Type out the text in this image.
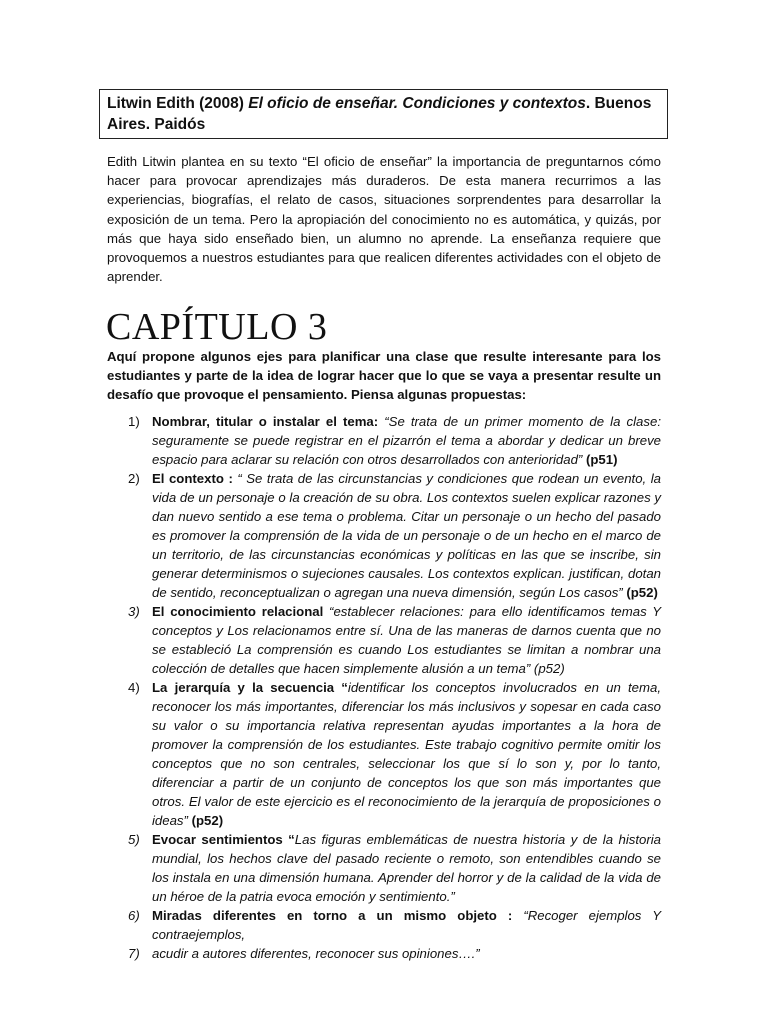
Litwin Edith (2008) El oficio de enseñar. Condiciones y contextos. Buenos Aires. Paidós

Edith Litwin plantea en su texto “El oficio de enseñar” la importancia de preguntarnos cómo hacer para provocar aprendizajes más duraderos. De esta manera recurrimos a las experiencias, biografías, el relato de casos, situaciones sorprendentes para desarrollar la exposición de un tema. Pero la apropiación del conocimiento no es automática, y quizás, por más que haya sido enseñado bien, un alumno no aprende. La enseñanza requiere que provoquemos a nuestros estudiantes para que realicen diferentes actividades con el objeto de aprender.

CAPÍTULO 3

Aquí propone algunos ejes para planificar una clase que resulte interesante para los estudiantes y parte de la idea de lograr hacer que lo que se vaya a presentar resulte un desafío que provoque el pensamiento. Piensa algunas propuestas:

1) Nombrar, titular o instalar el tema: “Se trata de un primer momento de la clase: seguramente se puede registrar en el pizarrón el tema a abordar y dedicar un breve espacio para aclarar su relación con otros desarrollados con anterioridad” (p51)
2) El contexto : “ Se trata de las circunstancias y condiciones que rodean un evento, la vida de un personaje o la creación de su obra. Los contextos suelen explicar razones y dan nuevo sentido a ese tema o problema. Citar un personaje o un hecho del pasado es promover la comprensión de la vida de un personaje o de un hecho en el marco de un territorio, de las circunstancias económicas y políticas en las que se inscribe, sin generar determinismos o sujeciones causales. Los contextos explican. justifican, dotan de sentido, reconceptualizan o agregan una nueva dimensión, según Los casos” (p52)
3) El conocimiento relacional “establecer relaciones: para ello identificamos temas Y conceptos y Los relacionamos entre sí. Una de las maneras de darnos cuenta que no se estableció La comprensión es cuando Los estudiantes se limitan a nombrar una colección de detalles que hacen simplemente alusión a un tema” (p52)
4) La jerarquía y la secuencia “identificar los conceptos involucrados en un tema, reconocer los más importantes, diferenciar los más inclusivos y sopesar en cada caso su valor o su importancia relativa representan ayudas importantes a la hora de promover la comprensión de los estudiantes. Este trabajo cognitivo permite omitir los conceptos que no son centrales, seleccionar los que sí lo son y, por lo tanto, diferenciar a partir de un conjunto de conceptos los que son más importantes que otros. El valor de este ejercicio es el reconocimiento de la jerarquía de proposiciones o ideas” (p52)
5) Evocar sentimientos “Las figuras emblemáticas de nuestra historia y de la historia mundial, los hechos clave del pasado reciente o remoto, son entendibles cuando se los instala en una dimensión humana. Aprender del horror y de la calidad de la vida de un héroe de la patria evoca emoción y sentimiento.”
6) Miradas diferentes en torno a un mismo objeto : “Recoger ejemplos Y contraejemplos,
7) acudir a autores diferentes, reconocer sus opiniones….”
